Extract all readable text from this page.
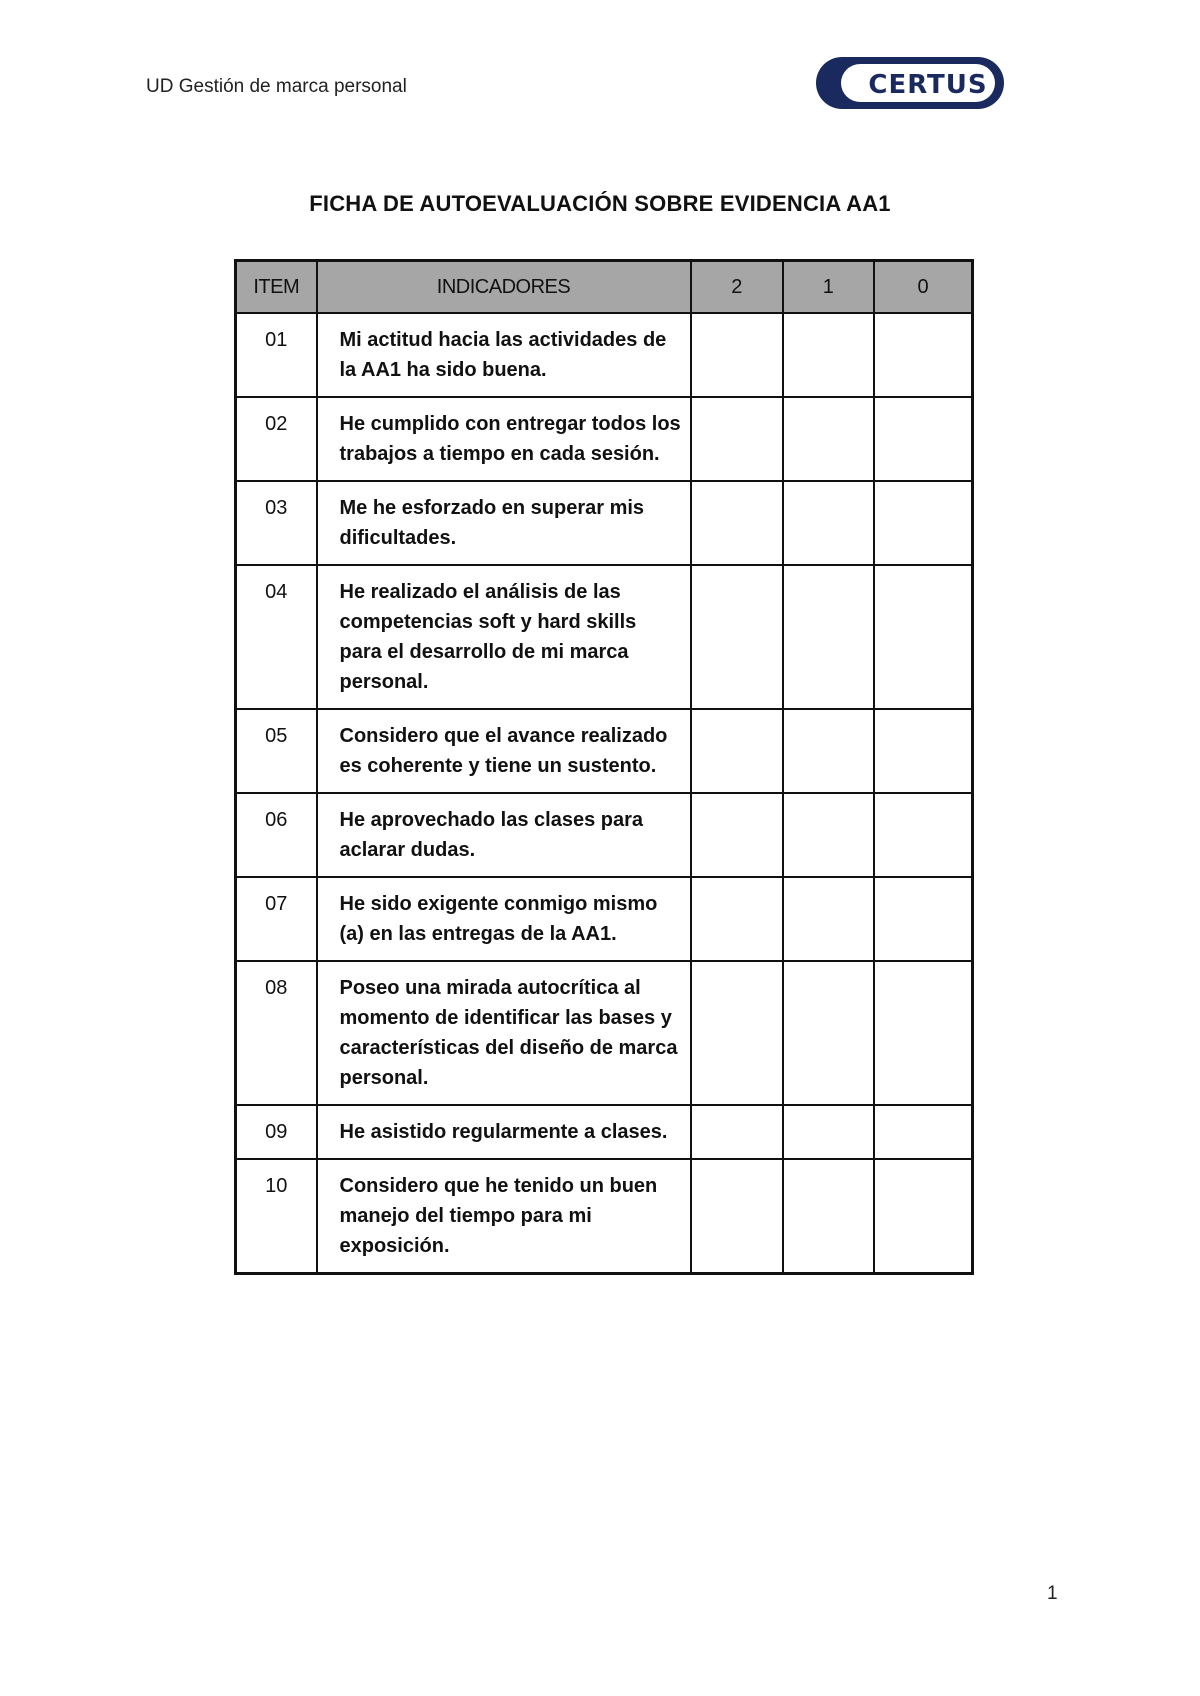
UD Gestión de marca personal	CERTUS
FICHA DE AUTOEVALUACIÓN SOBRE EVIDENCIA AA1
ITEM	INDICADORES	2	1	0
01	Mi actitud hacia las actividades de la AA1 ha sido buena.			
02	He cumplido con entregar todos los trabajos a tiempo en cada sesión.			
03	Me he esforzado en superar mis dificultades.			
04	He realizado el análisis de las competencias soft y hard skills para el desarrollo de mi marca personal.			
05	Considero que el avance realizado es coherente y tiene un sustento.			
06	He aprovechado las clases para aclarar dudas.			
07	He sido exigente conmigo mismo (a) en las entregas de la AA1.			
08	Poseo una mirada autocrítica al momento de identificar las bases y características del diseño de marca personal.			
09	He asistido regularmente a clases.			
10	Considero que he tenido un buen manejo del tiempo para mi exposición.			
1
